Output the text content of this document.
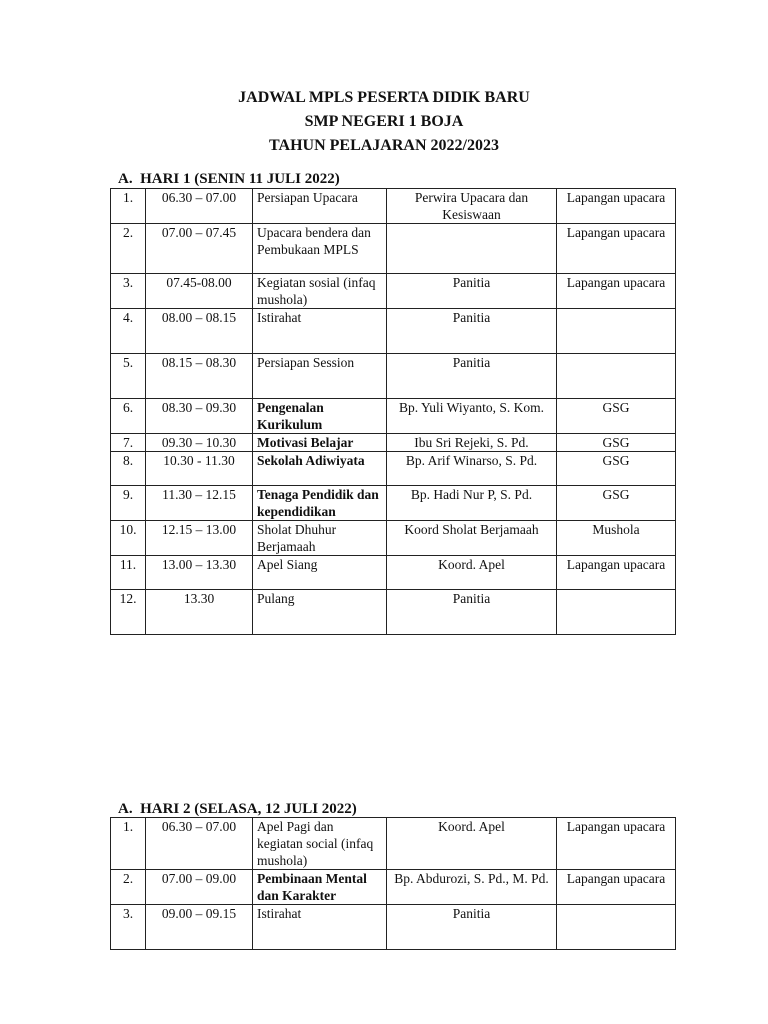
JADWAL MPLS PESERTA DIDIK BARU

SMP NEGERI 1 BOJA

TAHUN PELAJARAN 2022/2023

A.  HARI 1 (SENIN 11 JULI 2022)
1.	06.30 – 07.00	Persiapan Upacara	Perwira Upacara dan Kesiswaan	Lapangan upacara
2.	07.00 – 07.45	Upacara bendera dan Pembukaan MPLS		Lapangan upacara
3.	07.45-08.00	Kegiatan sosial (infaq mushola)	Panitia	Lapangan upacara
4.	08.00 – 08.15	Istirahat	Panitia	
5.	08.15 – 08.30	Persiapan Session	Panitia	
6.	08.30 – 09.30	Pengenalan Kurikulum	Bp. Yuli Wiyanto, S. Kom.	GSG
7.	09.30 – 10.30	Motivasi Belajar	Ibu Sri Rejeki, S. Pd.	GSG
8.	10.30 - 11.30	Sekolah Adiwiyata	Bp. Arif Winarso, S. Pd.	GSG
9.	11.30 – 12.15	Tenaga Pendidik dan kependidikan	Bp. Hadi Nur P, S. Pd.	GSG
10.	12.15 – 13.00	Sholat Dhuhur Berjamaah	Koord Sholat Berjamaah	Mushola
11.	13.00 – 13.30	Apel Siang	Koord. Apel	Lapangan upacara
12.	13.30	Pulang	Panitia	
A.  HARI 2 (SELASA, 12 JULI 2022)
1.	06.30 – 07.00	Apel Pagi dan kegiatan social (infaq mushola)	Koord. Apel	Lapangan upacara
2.	07.00 – 09.00	Pembinaan Mental dan Karakter	Bp. Abdurozi, S. Pd., M. Pd.	Lapangan upacara
3.	09.00 – 09.15	Istirahat	Panitia	
